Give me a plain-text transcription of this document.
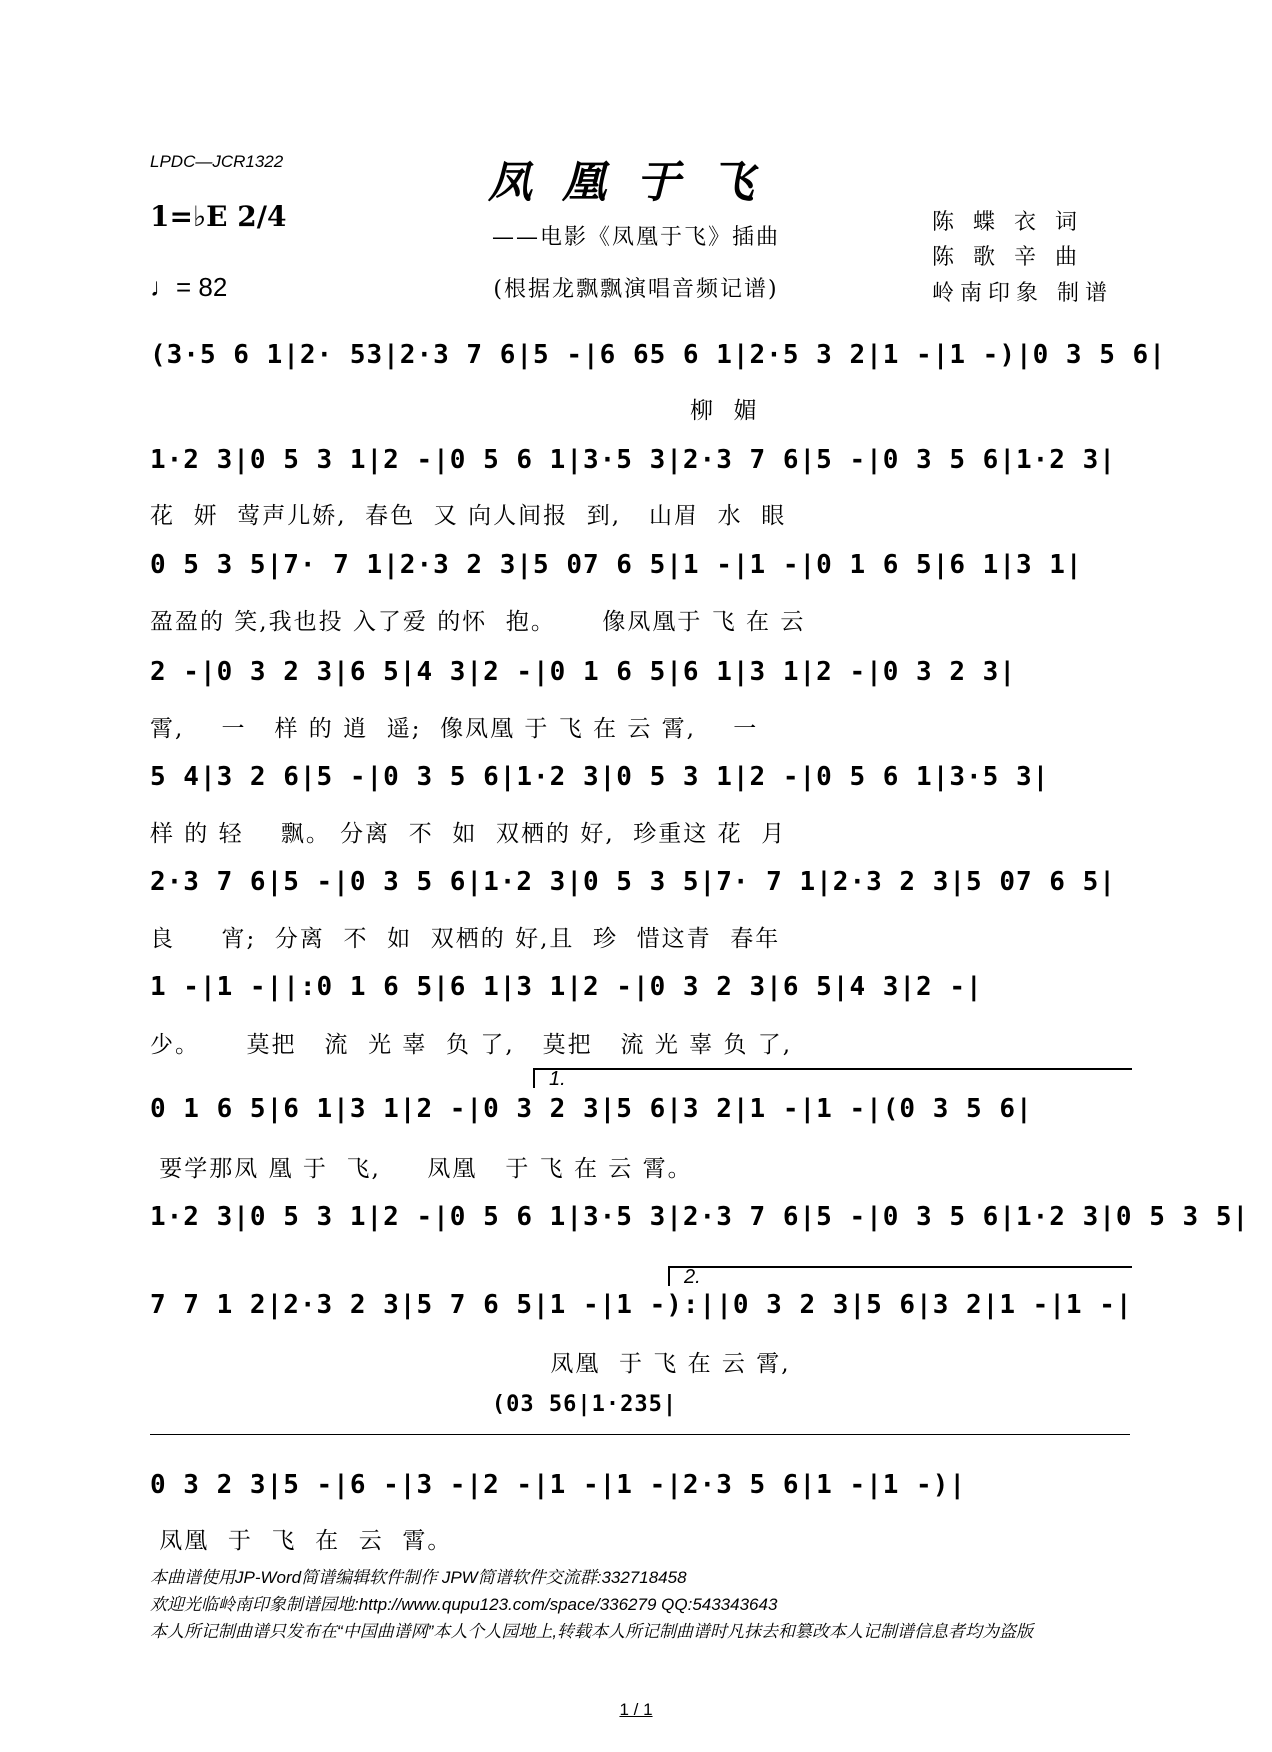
LPDC—JCR1322	凤凰于飞
——电影《凤凰于飞》插曲
(根据龙飘飘演唱音频记谱)
1=♭E 2/4
♩= 82
陈 蝶 衣 词
陈 歌 辛 曲
岭南印象 制谱
(3·5 6 1|2· 53|2·3 7 6|5 -|6 65 6 1|2·5 3 2|1 -|1 -)|0 3 5 6|
柳  媚
1·2 3|0 5 3 1|2 -|0 5 6 1|3·5 3|2·3 7 6|5 -|0 3 5 6|1·2 3|
花  妍  莺声儿娇,  春色  又 向人间报  到,   山眉  水  眼
0 5 3 5|7· 7 1|2·3 2 3|5 07 6 5|1 -|1 -|0 1 6 5|6 1|3 1|
盈盈的 笑,我也投 入了爱 的怀  抱。     像凤凰于 飞 在 云
2 -|0 3 2 3|6 5|4 3|2 -|0 1 6 5|6 1|3 1|2 -|0 3 2 3|
霄,    一   样 的 逍  遥;  像凤凰 于 飞 在 云 霄,    一
5 4|3 2 6|5 -|0 3 5 6|1·2 3|0 5 3 1|2 -|0 5 6 1|3·5 3|
样 的 轻    飘。 分离  不  如  双栖的 好,  珍重这 花  月
2·3 7 6|5 -|0 3 5 6|1·2 3|0 5 3 5|7· 7 1|2·3 2 3|5 07 6 5|
良     宵;  分离  不  如  双栖的 好,且  珍  惜这青  春年
1 -|1 -||:0 1 6 5|6 1|3 1|2 -|0 3 2 3|6 5|4 3|2 -|
少。     莫把   流  光 辜  负 了,   莫把   流 光 辜 负 了,
1.
0 1 6 5|6 1|3 1|2 -|0 3 2 3|5 6|3 2|1 -|1 -|(0 3 5 6|
要学那凤 凰 于  飞,     凤凰   于 飞 在 云 霄。
1·2 3|0 5 3 1|2 -|0 5 6 1|3·5 3|2·3 7 6|5 -|0 3 5 6|1·2 3|0 5 3 5|
2.
7 7 1 2|2·3 2 3|5 7 6 5|1 -|1 -):||0 3 2 3|5 6|3 2|1 -|1 -|
凤凰  于 飞 在 云 霄,
(03 56|1·235|
0 3 2 3|5 -|6 -|3 -|2 -|1 -|1 -|2·3 5 6|1 -|1 -)|
凤凰  于  飞  在  云  霄。
本曲谱使用JP-Word简谱编辑软件制作 JPW简谱软件交流群:332718458
欢迎光临岭南印象制谱园地:http://www.qupu123.com/space/336279 QQ:543343643
本人所记制曲谱只发布在“中国曲谱网”本人个人园地上,转载本人所记制曲谱时凡抹去和篡改本人记制谱信息者均为盗版
1 / 1
